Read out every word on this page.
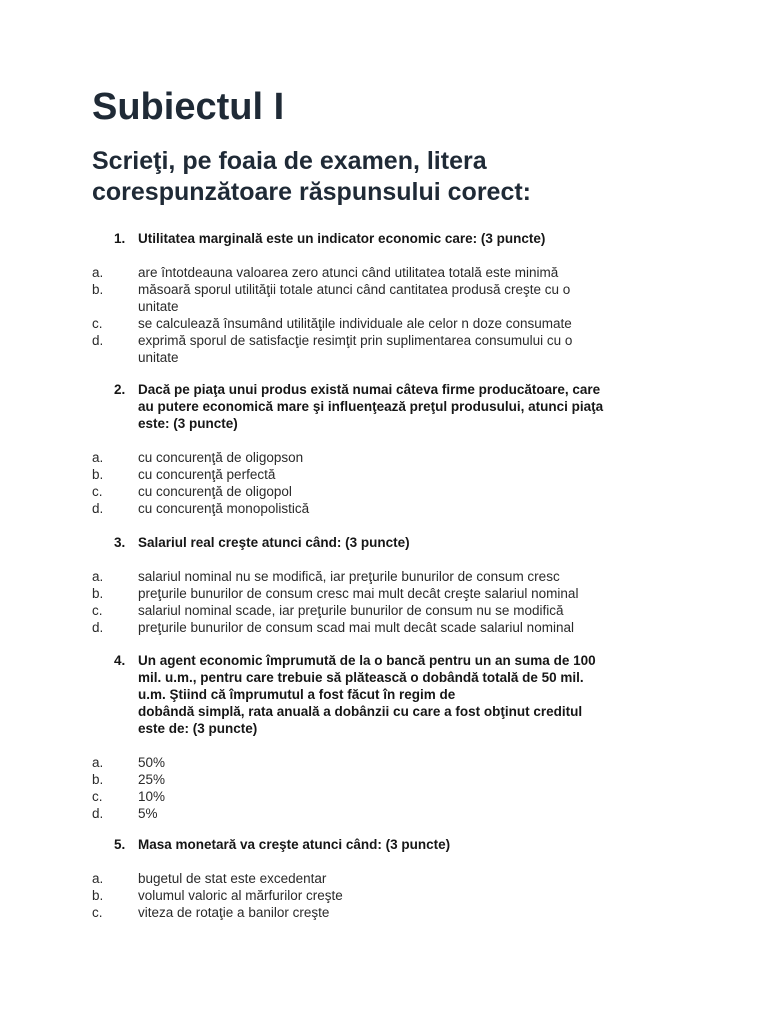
Subiectul I
Scrieţi, pe foaia de examen, litera
corespunzătoare răspunsului corect:
1. Utilitatea marginală este un indicator economic care: (3 puncte)
a.	are întotdeauna valoarea zero atunci când utilitatea totală este minimă
b.	măsoară sporul utilităţii totale atunci când cantitatea produsă creşte cu o
unitate
c.	se calculează însumând utilităţile individuale ale celor n doze consumate
d.	exprimă sporul de satisfacţie resimţit prin suplimentarea consumului cu o
unitate
2. Dacă pe piaţa unui produs există numai câteva firme producătoare, care
au putere economică mare şi influenţează preţul produsului, atunci piaţa
este: (3 puncte)
a.	cu concurenţă de oligopson
b.	cu concurenţă perfectă
c.	cu concurenţă de oligopol
d.	cu concurenţă monopolistică
3. Salariul real creşte atunci când: (3 puncte)
a.	salariul nominal nu se modifică, iar preţurile bunurilor de consum cresc
b.	preţurile bunurilor de consum cresc mai mult decât creşte salariul nominal
c.	salariul nominal scade, iar preţurile bunurilor de consum nu se modifică
d.	preţurile bunurilor de consum scad mai mult decât scade salariul nominal
4. Un agent economic împrumută de la o bancă pentru un an suma de 100
mil. u.m., pentru care trebuie să plătească o dobândă totală de 50 mil.
u.m. Ştiind că împrumutul a fost făcut în regim de
dobândă simplă, rata anuală a dobânzii cu care a fost obţinut creditul
este de: (3 puncte)
a.	50%
b.	25%
c.	10%
d.	5%
5. Masa monetară va creşte atunci când: (3 puncte)
a.	bugetul de stat este excedentar
b.	volumul valoric al mărfurilor creşte
c.	viteza de rotaţie a banilor creşte
